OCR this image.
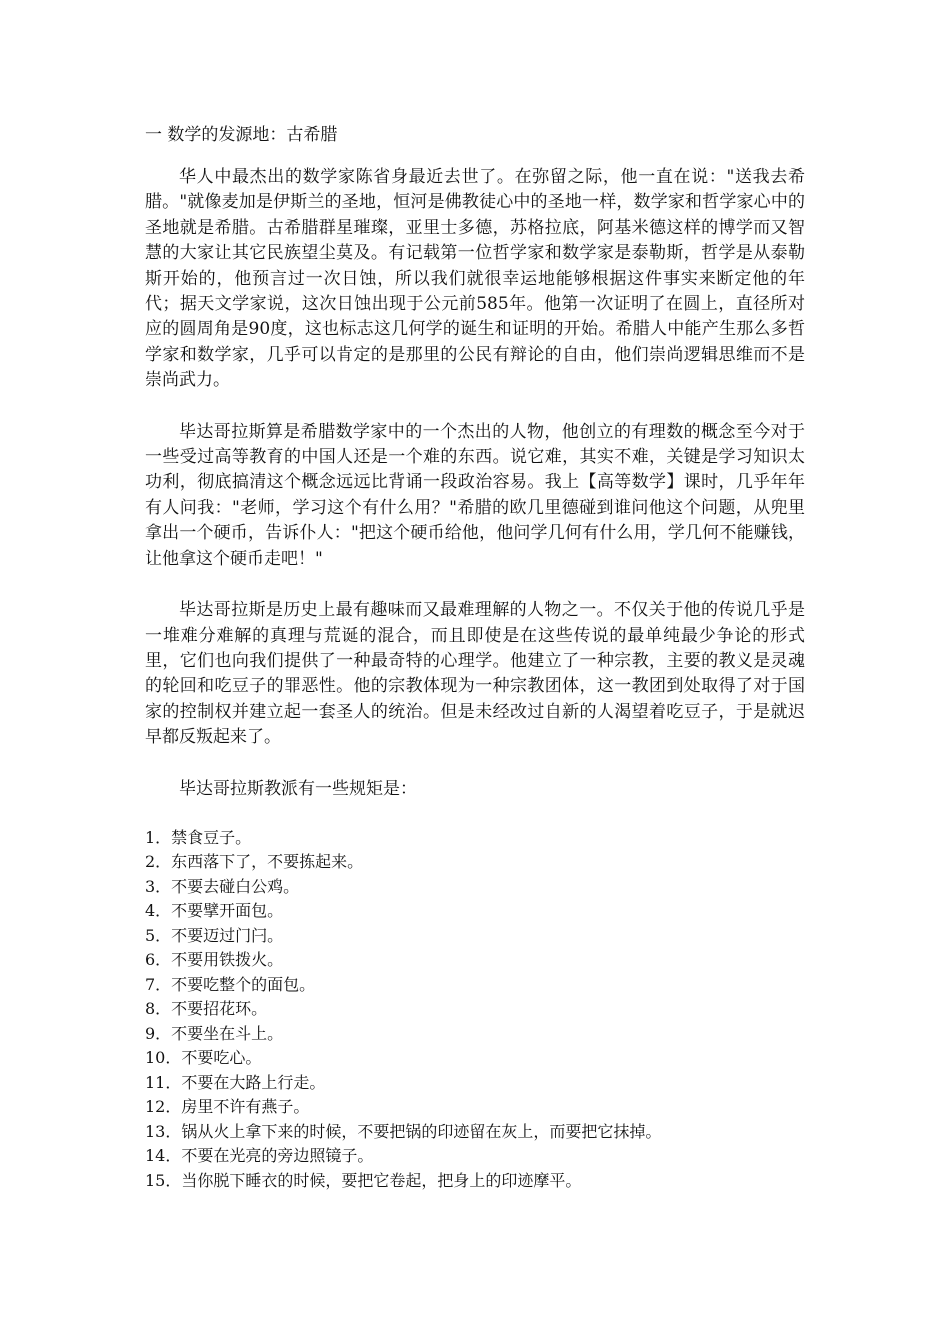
一 数学的发源地：古希腊

华人中最杰出的数学家陈省身最近去世了。在弥留之际，他一直在说："送我去希腊。"就像麦加是伊斯兰的圣地，恒河是佛教徒心中的圣地一样，数学家和哲学家心中的圣地就是希腊。古希腊群星璀璨，亚里士多德，苏格拉底，阿基米德这样的博学而又智慧的大家让其它民族望尘莫及。有记载第一位哲学家和数学家是泰勒斯，哲学是从泰勒斯开始的，他预言过一次日蚀，所以我们就很幸运地能够根据这件事实来断定他的年代；据天文学家说，这次日蚀出现于公元前585年。他第一次证明了在圆上，直径所对应的圆周角是90度，这也标志这几何学的诞生和证明的开始。希腊人中能产生那么多哲学家和数学家，几乎可以肯定的是那里的公民有辩论的自由，他们崇尚逻辑思维而不是崇尚武力。

毕达哥拉斯算是希腊数学家中的一个杰出的人物，他创立的有理数的概念至今对于一些受过高等教育的中国人还是一个难的东西。说它难，其实不难，关键是学习知识太功利，彻底搞清这个概念远远比背诵一段政治容易。我上【高等数学】课时，几乎年年有人问我："老师，学习这个有什么用？"希腊的欧几里德碰到谁问他这个问题，从兜里拿出一个硬币，告诉仆人："把这个硬币给他，他问学几何有什么用，学几何不能赚钱，让他拿这个硬币走吧！"

毕达哥拉斯是历史上最有趣味而又最难理解的人物之一。不仅关于他的传说几乎是一堆难分难解的真理与荒诞的混合，而且即使是在这些传说的最单纯最少争论的形式里，它们也向我们提供了一种最奇特的心理学。他建立了一种宗教，主要的教义是灵魂的轮回和吃豆子的罪恶性。他的宗教体现为一种宗教团体，这一教团到处取得了对于国家的控制权并建立起一套圣人的统治。但是未经改过自新的人渴望着吃豆子，于是就迟早都反叛起来了。

毕达哥拉斯教派有一些规矩是：

1．禁食豆子。
2．东西落下了，不要拣起来。
3．不要去碰白公鸡。
4．不要擘开面包。
5．不要迈过门闩。
6．不要用铁拨火。
7．不要吃整个的面包。
8．不要招花环。
9．不要坐在斗上。
10．不要吃心。
11．不要在大路上行走。
12．房里不许有燕子。
13．锅从火上拿下来的时候，不要把锅的印迹留在灰上，而要把它抹掉。
14．不要在光亮的旁边照镜子。
15．当你脱下睡衣的时候，要把它卷起，把身上的印迹摩平。
